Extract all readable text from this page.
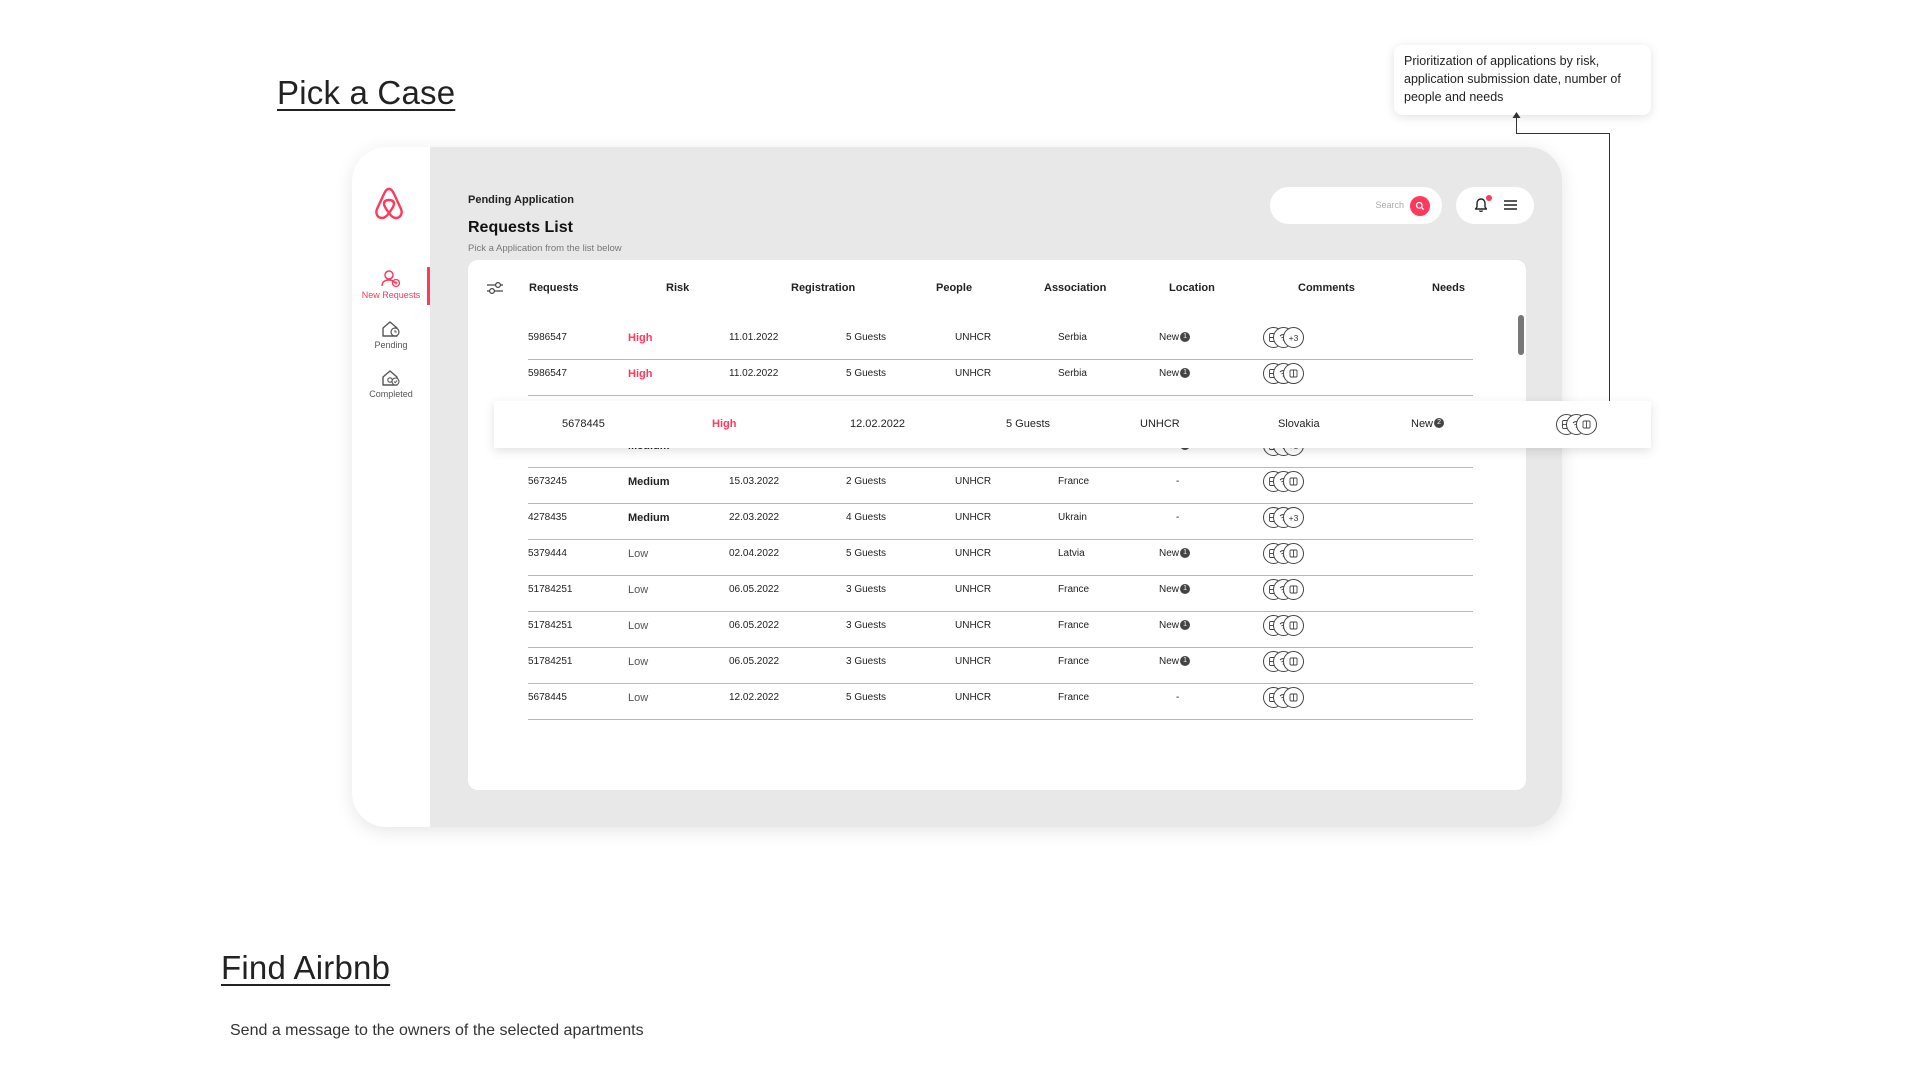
Pick a Case
Find Airbnb
Send a message to the owners of the selected apartments
Prioritization of applications by risk, application submission date, number of people and needs
New Requests
Pending
Completed
Pending Application
Requests List
Pick a Application from the list below
Search
Requests	Risk	Registration	People	Association	Location	Comments	Needs
5986547	High	11.01.2022	5 Guests	UNHCR	Serbia	New 1	+3
5986547	High	11.02.2022	5 Guests	UNHCR	Serbia	New 1
5673245	Medium	15.03.2022	2 Guests	UNHCR	France	-
4278435	Medium	22.03.2022	4 Guests	UNHCR	Ukrain	-	+3
5379444	Low	02.04.2022	5 Guests	UNHCR	Latvia	New 1
51784251	Low	06.05.2022	3 Guests	UNHCR	France	New 1
51784251	Low	06.05.2022	3 Guests	UNHCR	France	New 1
51784251	Low	06.05.2022	3 Guests	UNHCR	France	New 1
5678445	Low	12.02.2022	5 Guests	UNHCR	France	-
5678445	High	12.02.2022	5 Guests	UNHCR	Slovakia	New 2
